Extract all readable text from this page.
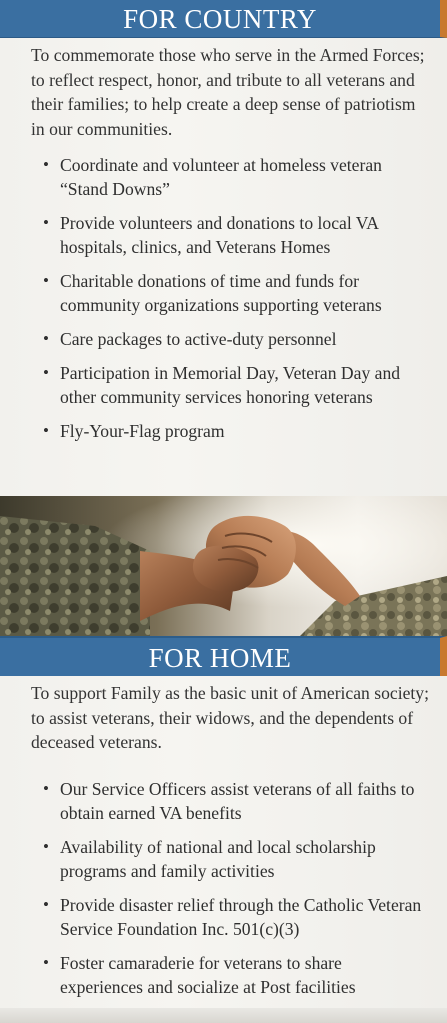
FOR COUNTRY

To commemorate those who serve in the Armed Forces; to reflect respect, honor, and tribute to all veterans and their families; to help create a deep sense of patriotism in our communities.

• Coordinate and volunteer at homeless veteran “Stand Downs”
• Provide volunteers and donations to local VA hospitals, clinics, and Veterans Homes
• Charitable donations of time and funds for community organizations supporting veterans
• Care packages to active-duty personnel
• Participation in Memorial Day, Veteran Day and other community services honoring veterans
• Fly-Your-Flag program
FOR HOME

To support Family as the basic unit of American society; to assist veterans, their widows, and the dependents of deceased veterans.

• Our Service Officers assist veterans of all faiths to obtain earned VA benefits
• Availability of national and local scholarship programs and family activities
• Provide disaster relief through the Catholic Veteran Service Foundation Inc. 501(c)(3)
• Foster camaraderie for veterans to share experiences and socialize at Post facilities
